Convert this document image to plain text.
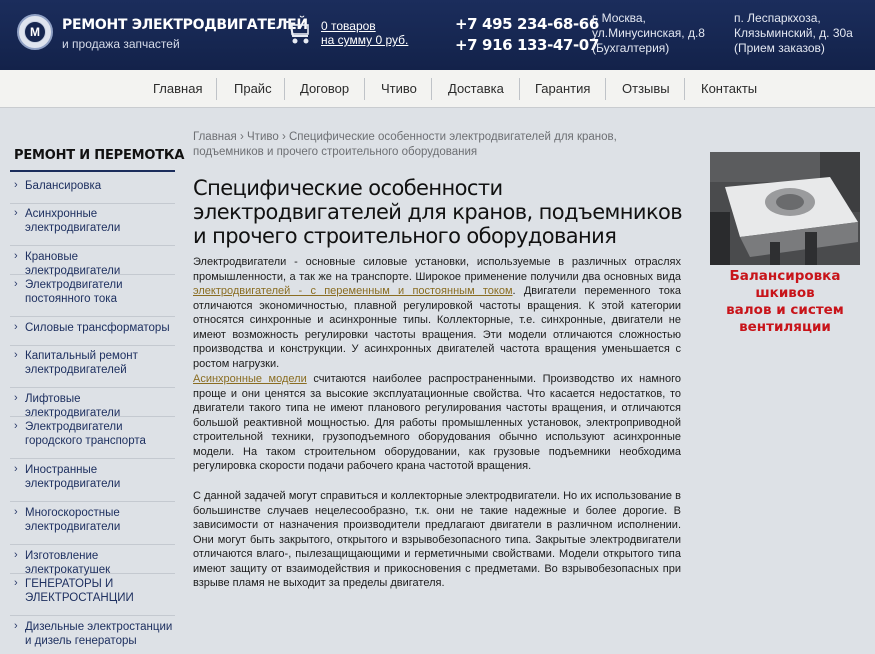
М	РЕМОНТ ЭЛЕКТРОДВИГАТЕЛЕЙ
и продажа запчастей
0 товаров
на сумму 0 руб.
+7 495 234-68-66
+7 916 133-47-07
г. Москва,
ул.Минусинская, д.8
(Бухгалтерия)
п. Леспаркхоза,
Клязьминский, д. 30а
(Прием заказов)
Главная Прайс Договор Чтиво Доставка Гарантия Отзывы Контакты
РЕМОНТ И ПЕРЕМОТКА
› Балансировка
› Асинхронные электродвигатели
› Крановые электродвигатели
› Электродвигатели постоянного тока
› Силовые трансформаторы
› Капитальный ремонт электродвигателей
› Лифтовые электродвигатели
› Электродвигатели городского транспорта
› Иностранные электродвигатели
› Многоскоростные электродвигатели
› Изготовление электрокатушек
› ГЕНЕРАТОРЫ И ЭЛЕКТРОСТАНЦИИ
› Дизельные электростанции и дизель генераторы
Главная › Чтиво › Специфические особенности электродвигателей для кранов, подъемников и прочего строительного оборудования
Специфические особенности электродвигателей для кранов, подъемников и прочего строительного оборудования
Электродвигатели - основные силовые установки, используемые в различных отраслях промышленности, а так же на транспорте. Широкое применение получили два основных вида электродвигателей - с переменным и постоянным током. Двигатели переменного тока отличаются экономичностью, плавной регулировкой частоты вращения. К этой категории относятся синхронные и асинхронные типы. Коллекторные, т.е. синхронные, двигатели не имеют возможность регулировки частоты вращения. Эти модели отличаются сложностью производства и конструкции. У асинхронных двигателей частота вращения уменьшается с ростом нагрузки.
Асинхронные модели считаются наиболее распространенными. Производство их намного проще и они ценятся за высокие эксплуатационные свойства. Что касается недостатков, то двигатели такого типа не имеют планового регулирования частоты вращения, и отличаются большой реактивной мощностью. Для работы промышленных установок, электроприводной строительной техники, грузоподъемного оборудования обычно используют асинхронные модели. На таком строительном оборудовании, как грузовые подъемники необходима регулировка скорости подачи рабочего крана частотой вращения.
С данной задачей могут справиться и коллекторные электродвигатели. Но их использование в большинстве случаев нецелесообразно, т.к. они не такие надежные и более дорогие. В зависимости от назначения производители предлагают двигатели в различном исполнении. Они могут быть закрытого, открытого и взрывобезопасного типа. Закрытые электродвигатели отличаются влаго-, пылезащищающими и герметичными свойствами. Модели открытого типа имеют защиту от взаимодействия и прикосновения с предметами. Во взрывобезопасных при взрыве пламя не выходит за пределы двигателя.
Балансировка
шкивов
валов и систем
вентиляции
